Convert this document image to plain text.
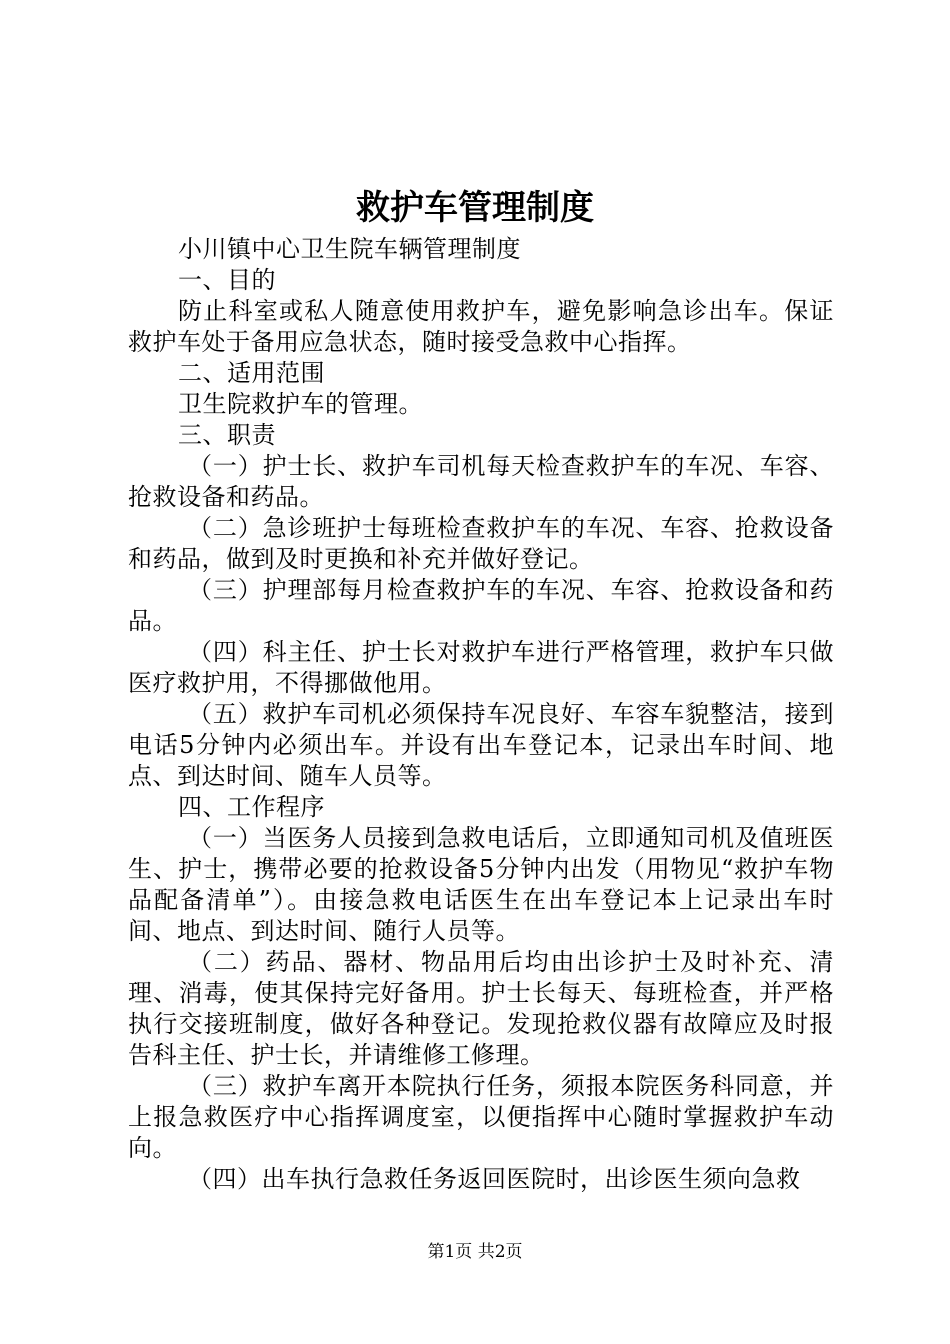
救护车管理制度

小川镇中心卫生院车辆管理制度

一、目的

防止科室或私人随意使用救护车，避免影响急诊出车。保证救护车处于备用应急状态，随时接受急救中心指挥。

二、适用范围

卫生院救护车的管理。

三、职责

（一）护士长、救护车司机每天检查救护车的车况、车容、抢救设备和药品。

（二）急诊班护士每班检查救护车的车况、车容、抢救设备和药品，做到及时更换和补充并做好登记。

（三）护理部每月检查救护车的车况、车容、抢救设备和药品。

（四）科主任、护士长对救护车进行严格管理，救护车只做医疗救护用，不得挪做他用。

（五）救护车司机必须保持车况良好、车容车貌整洁，接到电话5分钟内必须出车。并设有出车登记本，记录出车时间、地点、到达时间、随车人员等。

四、工作程序

（一）当医务人员接到急救电话后，立即通知司机及值班医生、护士，携带必要的抢救设备5分钟内出发（用物见“救护车物品配备清单”）。由接急救电话医生在出车登记本上记录出车时间、地点、到达时间、随行人员等。

（二）药品、器材、物品用后均由出诊护士及时补充、清理、消毒，使其保持完好备用。护士长每天、每班检查，并严格执行交接班制度，做好各种登记。发现抢救仪器有故障应及时报告科主任、护士长，并请维修工修理。

（三）救护车离开本院执行任务，须报本院医务科同意，并上报急救医疗中心指挥调度室，以便指挥中心随时掌握救护车动向。

（四）出车执行急救任务返回医院时，出诊医生须向急救

第1页 共2页
